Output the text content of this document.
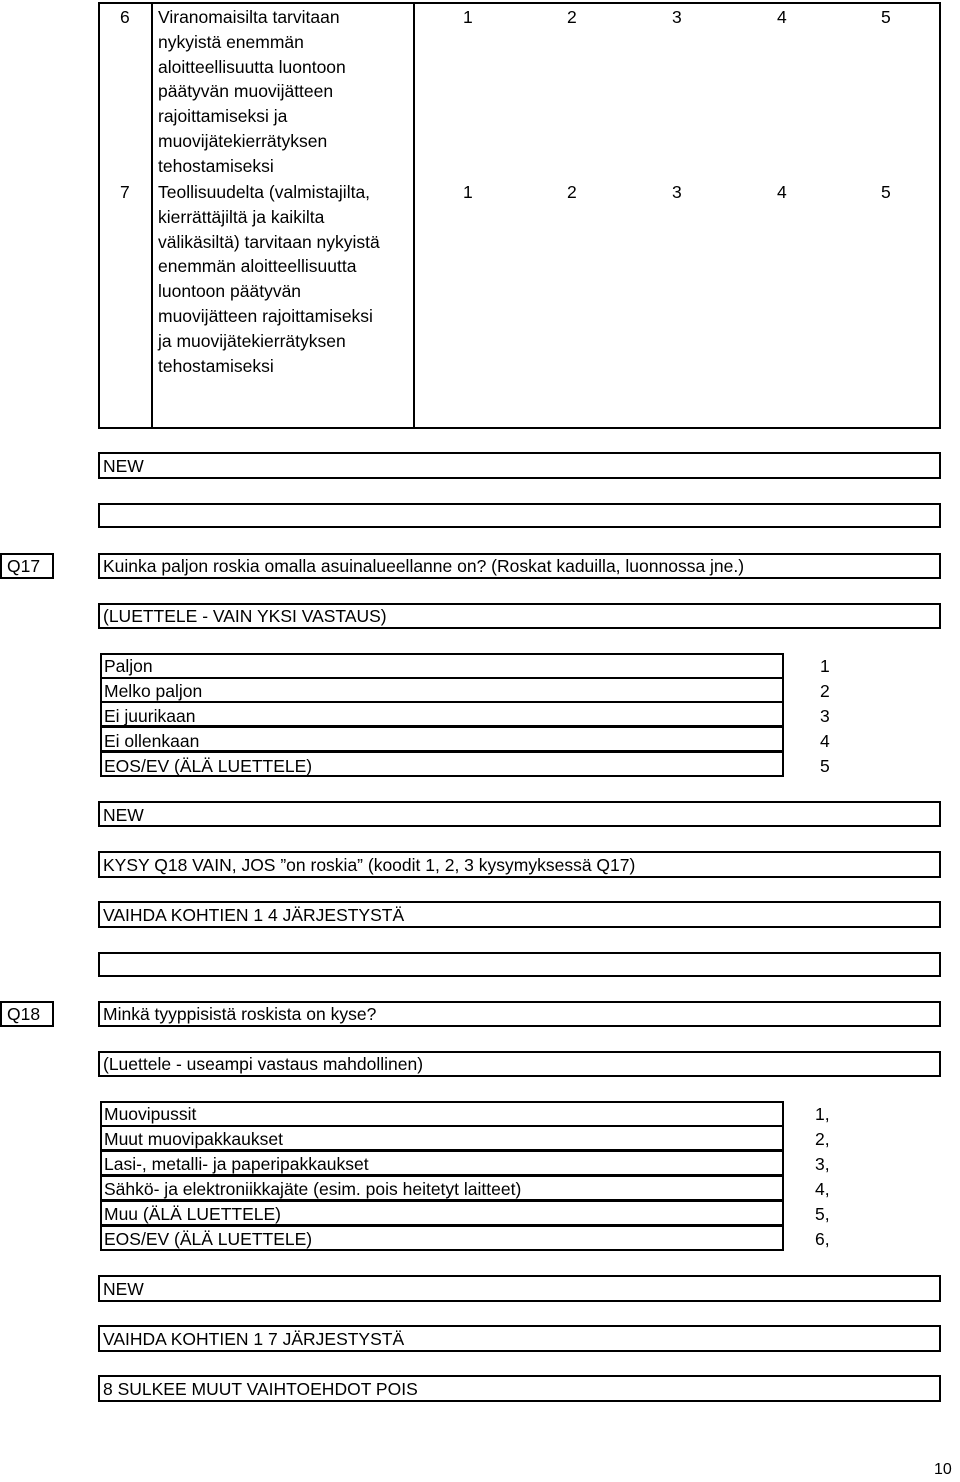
6 Viranomaisilta tarvitaan
nykyistä enemmän
aloitteellisuutta luontoon
päätyvän muovijätteen
rajoittamiseksi ja
muovijätekierrätyksen
tehostamiseksi
1	2	3	4	5
7 Teollisuudelta (valmistajilta,
kierrättäjiltä ja kaikilta
välikäsiltä) tarvitaan nykyistä
enemmän aloitteellisuutta
luontoon päätyvän
muovijätteen rajoittamiseksi
ja muovijätekierrätyksen
tehostamiseksi
1	2	3	4	5
NEW
Q17	Kuinka paljon roskia omalla asuinalueellanne on? (Roskat kaduilla, luonnossa jne.)
(LUETTELE - VAIN YKSI VASTAUS)
Paljon	1
Melko paljon	2
Ei juurikaan	3
Ei ollenkaan	4
EOS/EV (ÄLÄ LUETTELE)	5
NEW
KYSY Q18 VAIN, JOS ”on roskia” (koodit 1, 2, 3 kysymyksessä Q17)
VAIHDA KOHTIEN 1 4 JÄRJESTYSTÄ
Q18	Minkä tyyppisistä roskista on kyse?
(Luettele - useampi vastaus mahdollinen)
Muovipussit	1,
Muut muovipakkaukset	2,
Lasi-, metalli- ja paperipakkaukset	3,
Sähkö- ja elektroniikkajäte (esim. pois heitetyt laitteet)	4,
Muu (ÄLÄ LUETTELE)	5,
EOS/EV (ÄLÄ LUETTELE)	6,
NEW
VAIHDA KOHTIEN 1 7 JÄRJESTYSTÄ
8 SULKEE MUUT VAIHTOEHDOT POIS
10
